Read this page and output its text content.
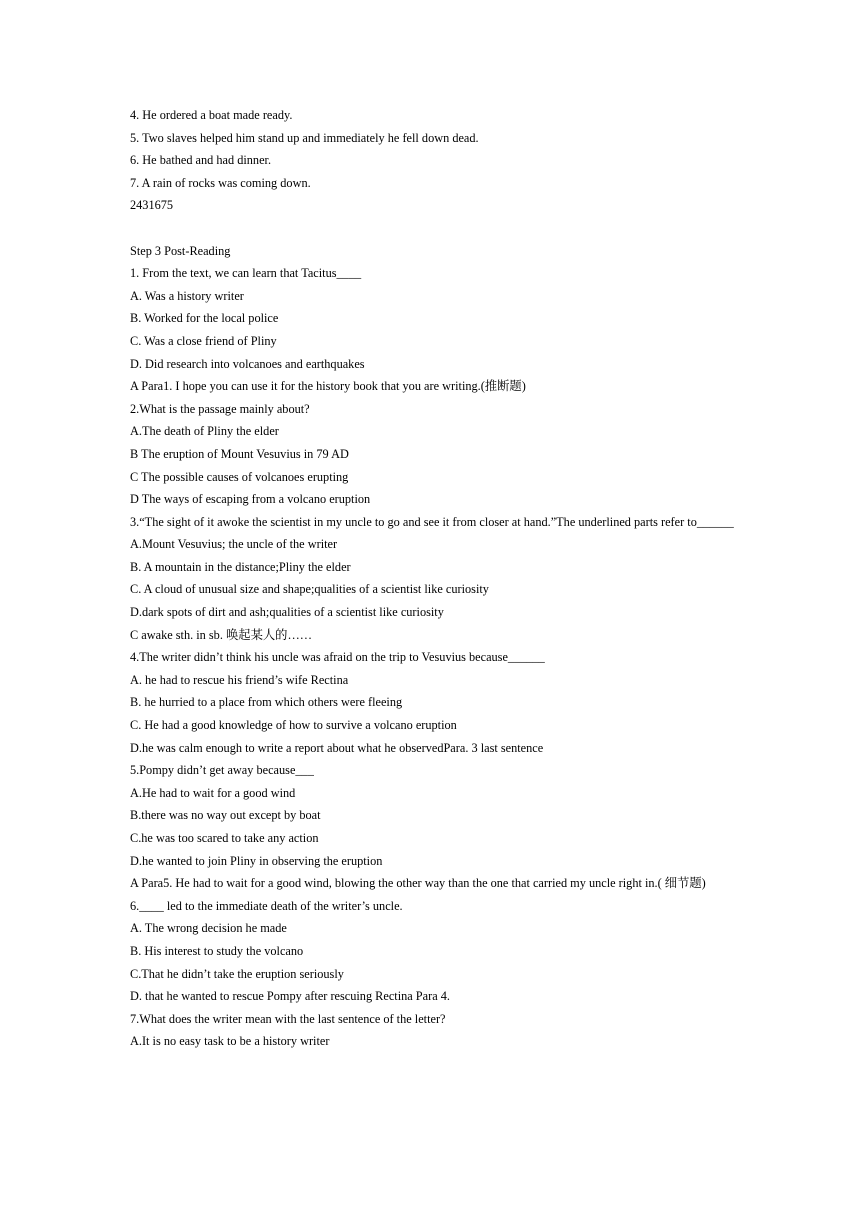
4. He ordered a boat made ready.
5. Two slaves helped him stand up and immediately he fell down dead.
6. He bathed and had dinner.
7. A rain of rocks was coming down.
2431675
Step 3 Post-Reading
1. From the text, we can learn that Tacitus____
A. Was a history writer
B. Worked for the local police
C. Was a close friend of Pliny
D. Did research into volcanoes and earthquakes
A Para1. I hope you can use it for the history book that you are writing.(推断题)
2.What is the passage mainly about?
A.The death of Pliny the elder
B The eruption of Mount Vesuvius in 79 AD
C The possible causes of volcanoes erupting
D The ways of escaping from a volcano eruption
3.“The sight of it awoke the scientist in my uncle to go and see it from closer at hand.”The underlined parts refer to______
A.Mount Vesuvius; the uncle of the writer
B. A mountain in the distance;Pliny the elder
C. A cloud of unusual size and shape;qualities of a scientist like curiosity
D.dark spots of dirt and ash;qualities of a scientist like curiosity
C awake sth. in sb. 唤起某人的……
4.The writer didn’t think his uncle was afraid on the trip to Vesuvius because______
A. he had to rescue his friend’s wife Rectina
B. he hurried to a place from which others were fleeing
C. He had a good knowledge of how to survive a volcano eruption
D.he was calm enough to write a report about what he observedPara. 3 last sentence
5.Pompy didn’t get away because___
A.He had to wait for a good wind
B.there was no way out except by boat
C.he was too scared to take any action
D.he wanted to join Pliny in observing the eruption
A Para5. He had to wait for a good wind, blowing the other way than the one that carried my uncle right in.( 细节题)
6.____ led to the immediate death of the writer’s uncle.
A. The wrong decision he made
B. His interest to study the volcano
C.That he didn’t take the eruption seriously
D. that he wanted to rescue Pompy after rescuing Rectina Para 4.
7.What does the writer mean with the last sentence of the letter?
A.It is no easy task to be a history writer
